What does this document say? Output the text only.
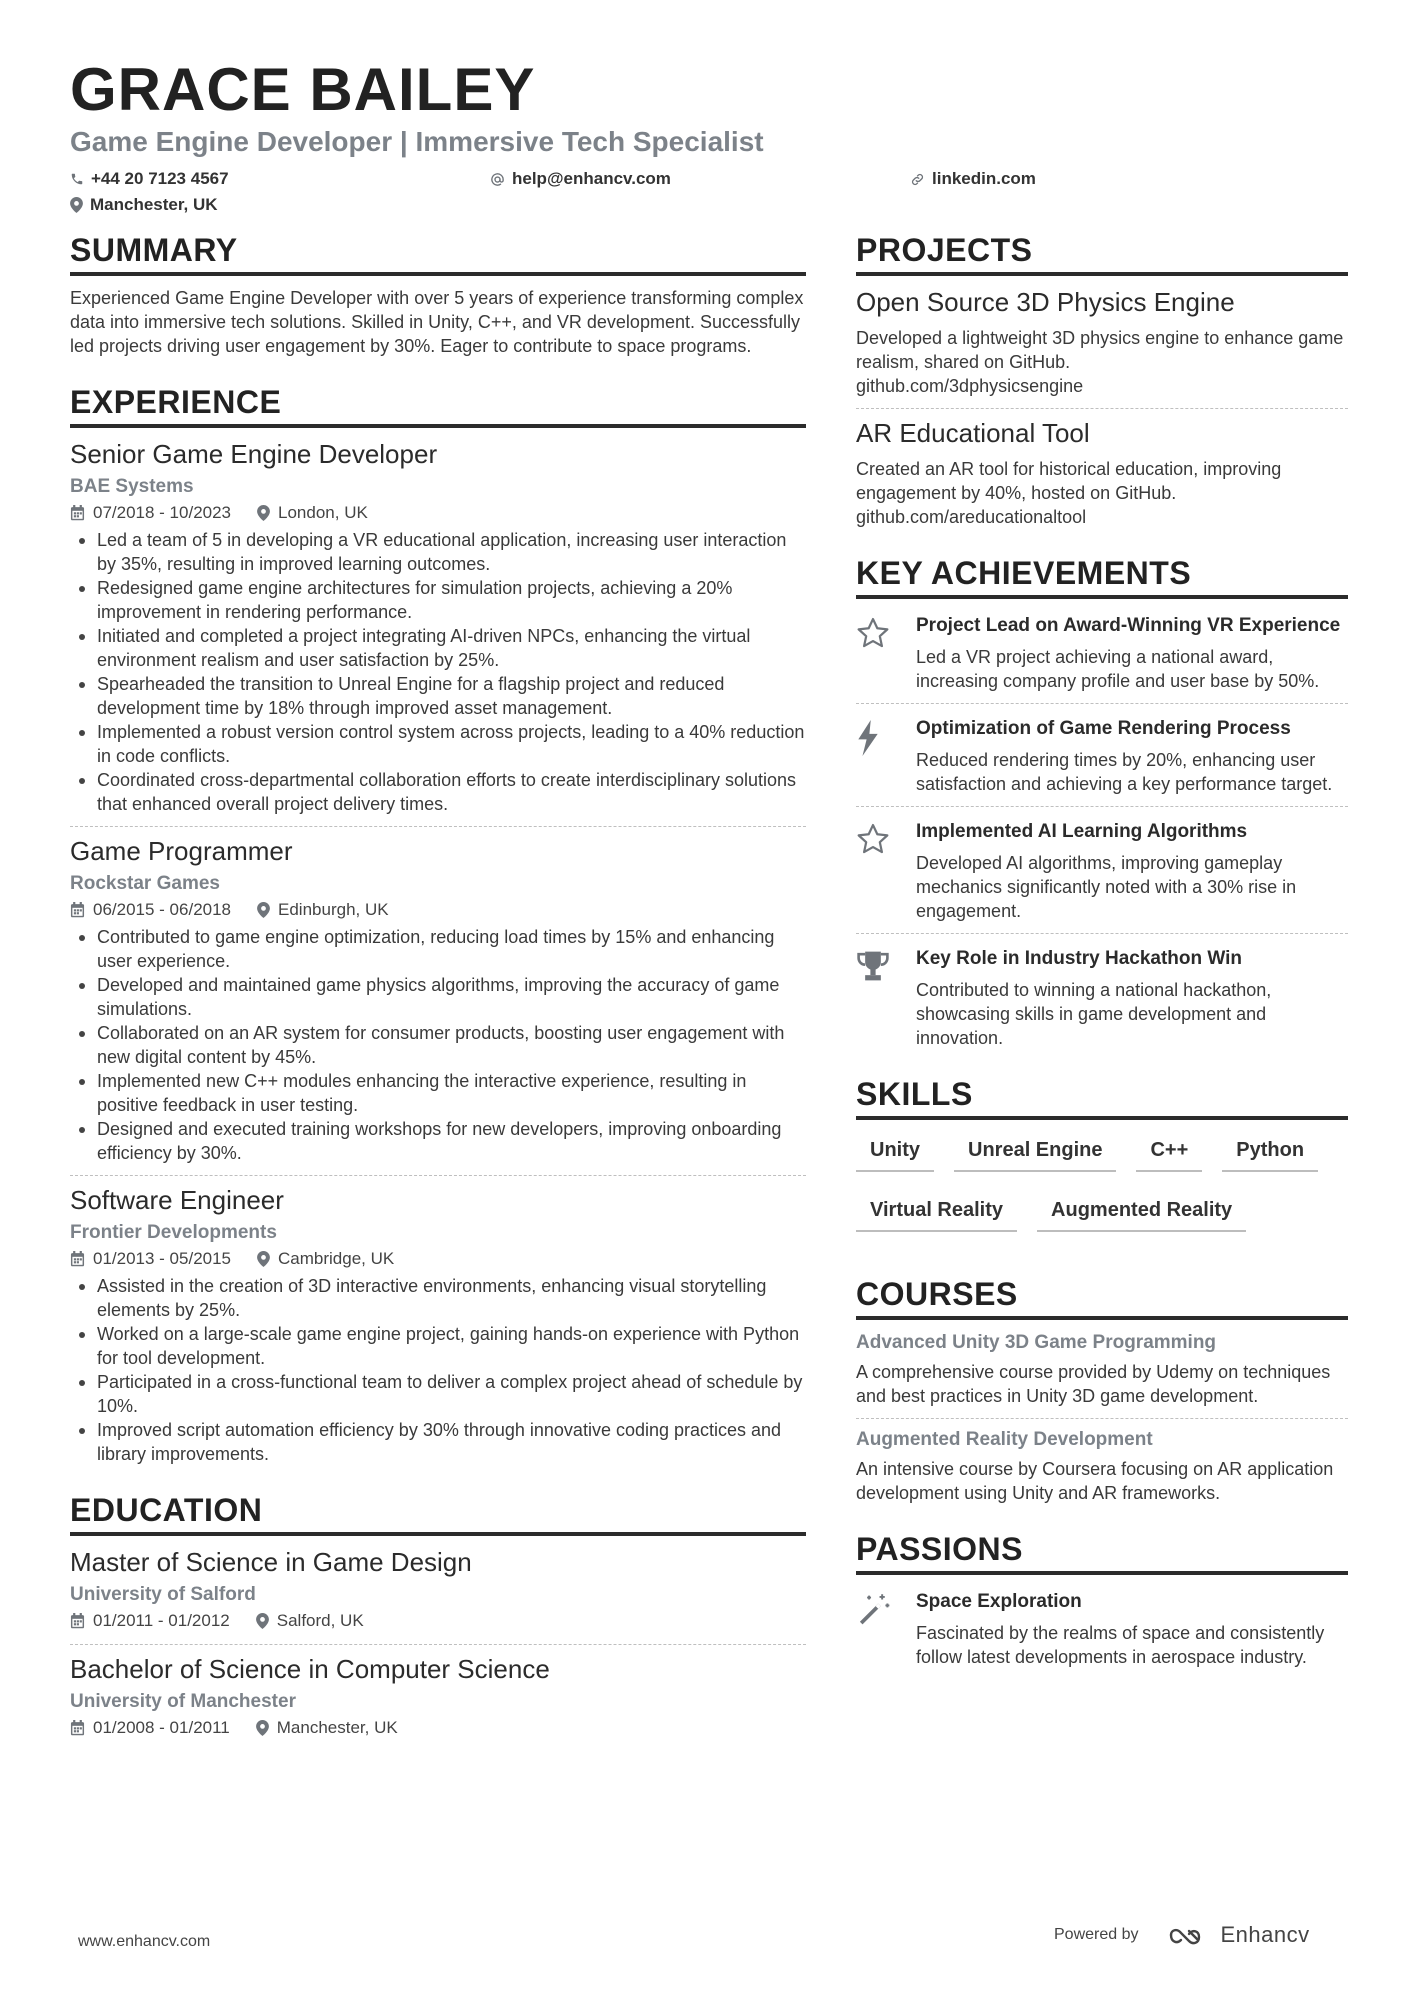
GRACE BAILEY
Game Engine Developer | Immersive Tech Specialist
+44 20 7123 4567	help@enhancv.com	linkedin.com
Manchester, UK
SUMMARY
Experienced Game Engine Developer with over 5 years of experience transforming complex data into immersive tech solutions. Skilled in Unity, C++, and VR development. Successfully led projects driving user engagement by 30%. Eager to contribute to space programs.
EXPERIENCE
Senior Game Engine Developer
BAE Systems
07/2018 - 10/2023	London, UK
Led a team of 5 in developing a VR educational application, increasing user interaction by 35%, resulting in improved learning outcomes.
Redesigned game engine architectures for simulation projects, achieving a 20% improvement in rendering performance.
Initiated and completed a project integrating AI-driven NPCs, enhancing the virtual environment realism and user satisfaction by 25%.
Spearheaded the transition to Unreal Engine for a flagship project and reduced development time by 18% through improved asset management.
Implemented a robust version control system across projects, leading to a 40% reduction in code conflicts.
Coordinated cross-departmental collaboration efforts to create interdisciplinary solutions that enhanced overall project delivery times.
Game Programmer
Rockstar Games
06/2015 - 06/2018	Edinburgh, UK
Contributed to game engine optimization, reducing load times by 15% and enhancing user experience.
Developed and maintained game physics algorithms, improving the accuracy of game simulations.
Collaborated on an AR system for consumer products, boosting user engagement with new digital content by 45%.
Implemented new C++ modules enhancing the interactive experience, resulting in positive feedback in user testing.
Designed and executed training workshops for new developers, improving onboarding efficiency by 30%.
Software Engineer
Frontier Developments
01/2013 - 05/2015	Cambridge, UK
Assisted in the creation of 3D interactive environments, enhancing visual storytelling elements by 25%.
Worked on a large-scale game engine project, gaining hands-on experience with Python for tool development.
Participated in a cross-functional team to deliver a complex project ahead of schedule by 10%.
Improved script automation efficiency by 30% through innovative coding practices and library improvements.
EDUCATION
Master of Science in Game Design
University of Salford
01/2011 - 01/2012	Salford, UK
Bachelor of Science in Computer Science
University of Manchester
01/2008 - 01/2011	Manchester, UK
PROJECTS
Open Source 3D Physics Engine
Developed a lightweight 3D physics engine to enhance game realism, shared on GitHub.
github.com/3dphysicsengine
AR Educational Tool
Created an AR tool for historical education, improving engagement by 40%, hosted on GitHub.
github.com/areducationaltool
KEY ACHIEVEMENTS
Project Lead on Award-Winning VR Experience
Led a VR project achieving a national award, increasing company profile and user base by 50%.
Optimization of Game Rendering Process
Reduced rendering times by 20%, enhancing user satisfaction and achieving a key performance target.
Implemented AI Learning Algorithms
Developed AI algorithms, improving gameplay mechanics significantly noted with a 30% rise in engagement.
Key Role in Industry Hackathon Win
Contributed to winning a national hackathon, showcasing skills in game development and innovation.
SKILLS
Unity	Unreal Engine	C++	Python
Virtual Reality	Augmented Reality
COURSES
Advanced Unity 3D Game Programming
A comprehensive course provided by Udemy on techniques and best practices in Unity 3D game development.
Augmented Reality Development
An intensive course by Coursera focusing on AR application development using Unity and AR frameworks.
PASSIONS
Space Exploration
Fascinated by the realms of space and consistently follow latest developments in aerospace industry.
www.enhancv.com	Powered by	Enhancv
